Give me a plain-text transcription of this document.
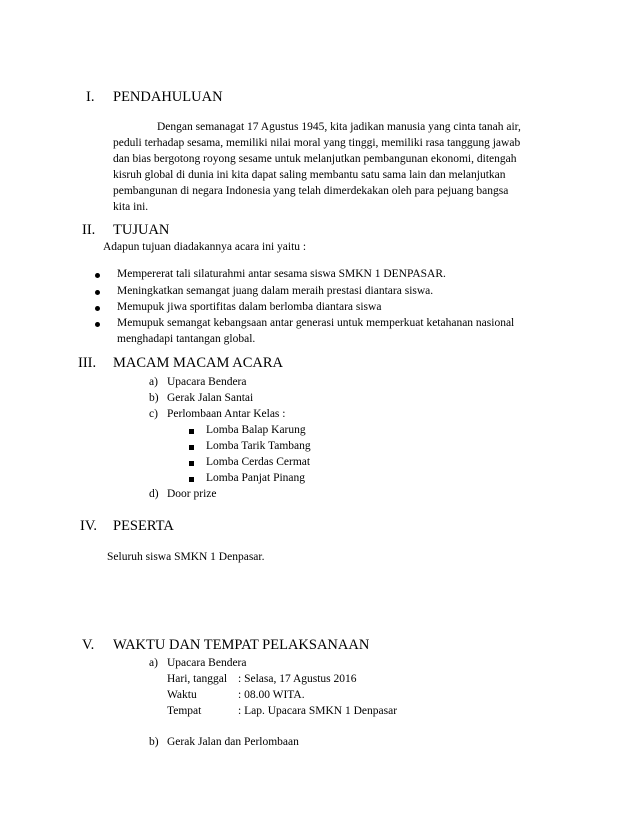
I. PENDAHULUAN
Dengan semanagat 17 Agustus 1945, kita jadikan manusia yang cinta tanah air,
peduli terhadap sesama, memiliki nilai moral yang tinggi, memiliki rasa tanggung jawab
dan bias bergotong royong sesame untuk melanjutkan pembangunan ekonomi, ditengah
kisruh global di dunia ini kita dapat saling membantu satu sama lain dan melanjutkan
pembangunan di negara Indonesia yang telah dimerdekakan oleh para pejuang bangsa
kita ini.
II. TUJUAN
Adapun tujuan diadakannya acara ini yaitu :
Mempererat tali silaturahmi antar sesama siswa SMKN 1 DENPASAR.
Meningkatkan semangat juang dalam meraih prestasi diantara siswa.
Memupuk jiwa sportifitas dalam berlomba diantara siswa
Memupuk semangat kebangsaan antar generasi untuk memperkuat ketahanan nasional
menghadapi tantangan global.
III. MACAM MACAM ACARA
a) Upacara Bendera
b) Gerak Jalan Santai
c) Perlombaan Antar Kelas :
Lomba Balap Karung
Lomba Tarik Tambang
Lomba Cerdas Cermat
Lomba Panjat Pinang
d) Door prize
IV. PESERTA
Seluruh siswa SMKN 1 Denpasar.
V. WAKTU DAN TEMPAT PELAKSANAAN
a) Upacara Bendera
Hari, tanggal : Selasa, 17 Agustus 2016
Waktu	: 08.00 WITA.
Tempat	: Lap. Upacara SMKN 1 Denpasar
b) Gerak Jalan dan Perlombaan
